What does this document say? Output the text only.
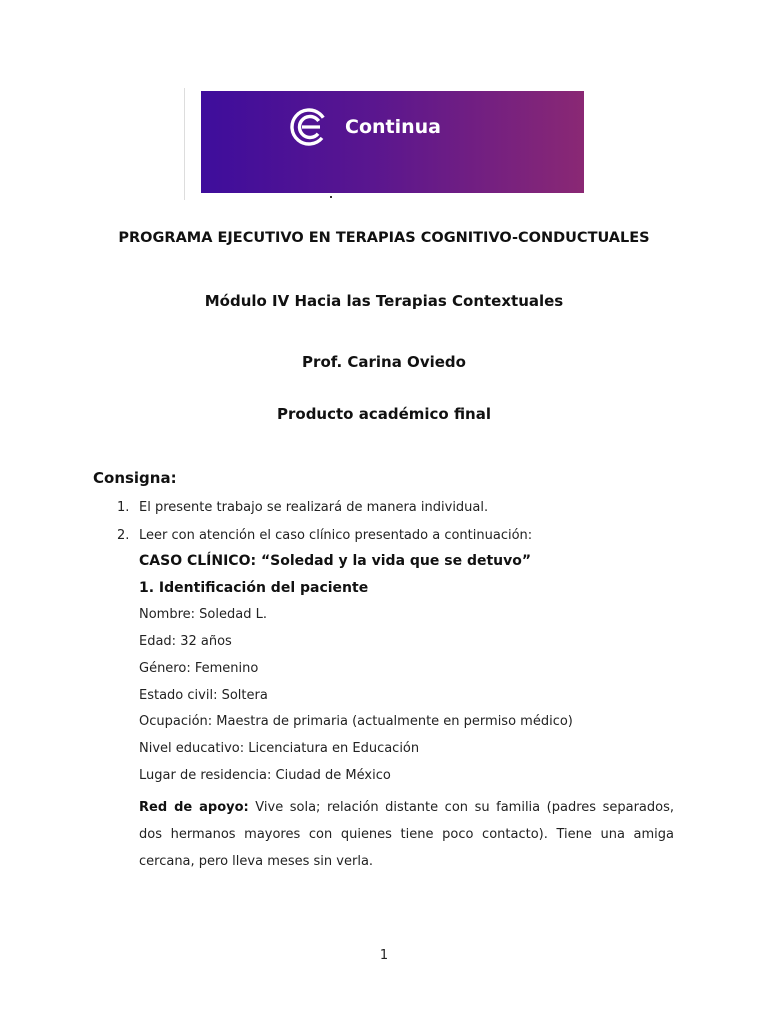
Continua
PROGRAMA EJECUTIVO EN TERAPIAS COGNITIVO-CONDUCTUALES
Módulo IV Hacia las Terapias Contextuales
Prof. Carina Oviedo
Producto académico final
Consigna:
1. El presente trabajo se realizará de manera individual.
2. Leer con atención el caso clínico presentado a continuación:
CASO CLÍNICO: “Soledad y la vida que se detuvo”
1. Identificación del paciente
Nombre: Soledad L.
Edad: 32 años
Género: Femenino
Estado civil: Soltera
Ocupación: Maestra de primaria (actualmente en permiso médico)
Nivel educativo: Licenciatura en Educación
Lugar de residencia: Ciudad de México
Red de apoyo: Vive sola; relación distante con su familia (padres separados, dos hermanos mayores con quienes tiene poco contacto). Tiene una amiga cercana, pero lleva meses sin verla.
1
